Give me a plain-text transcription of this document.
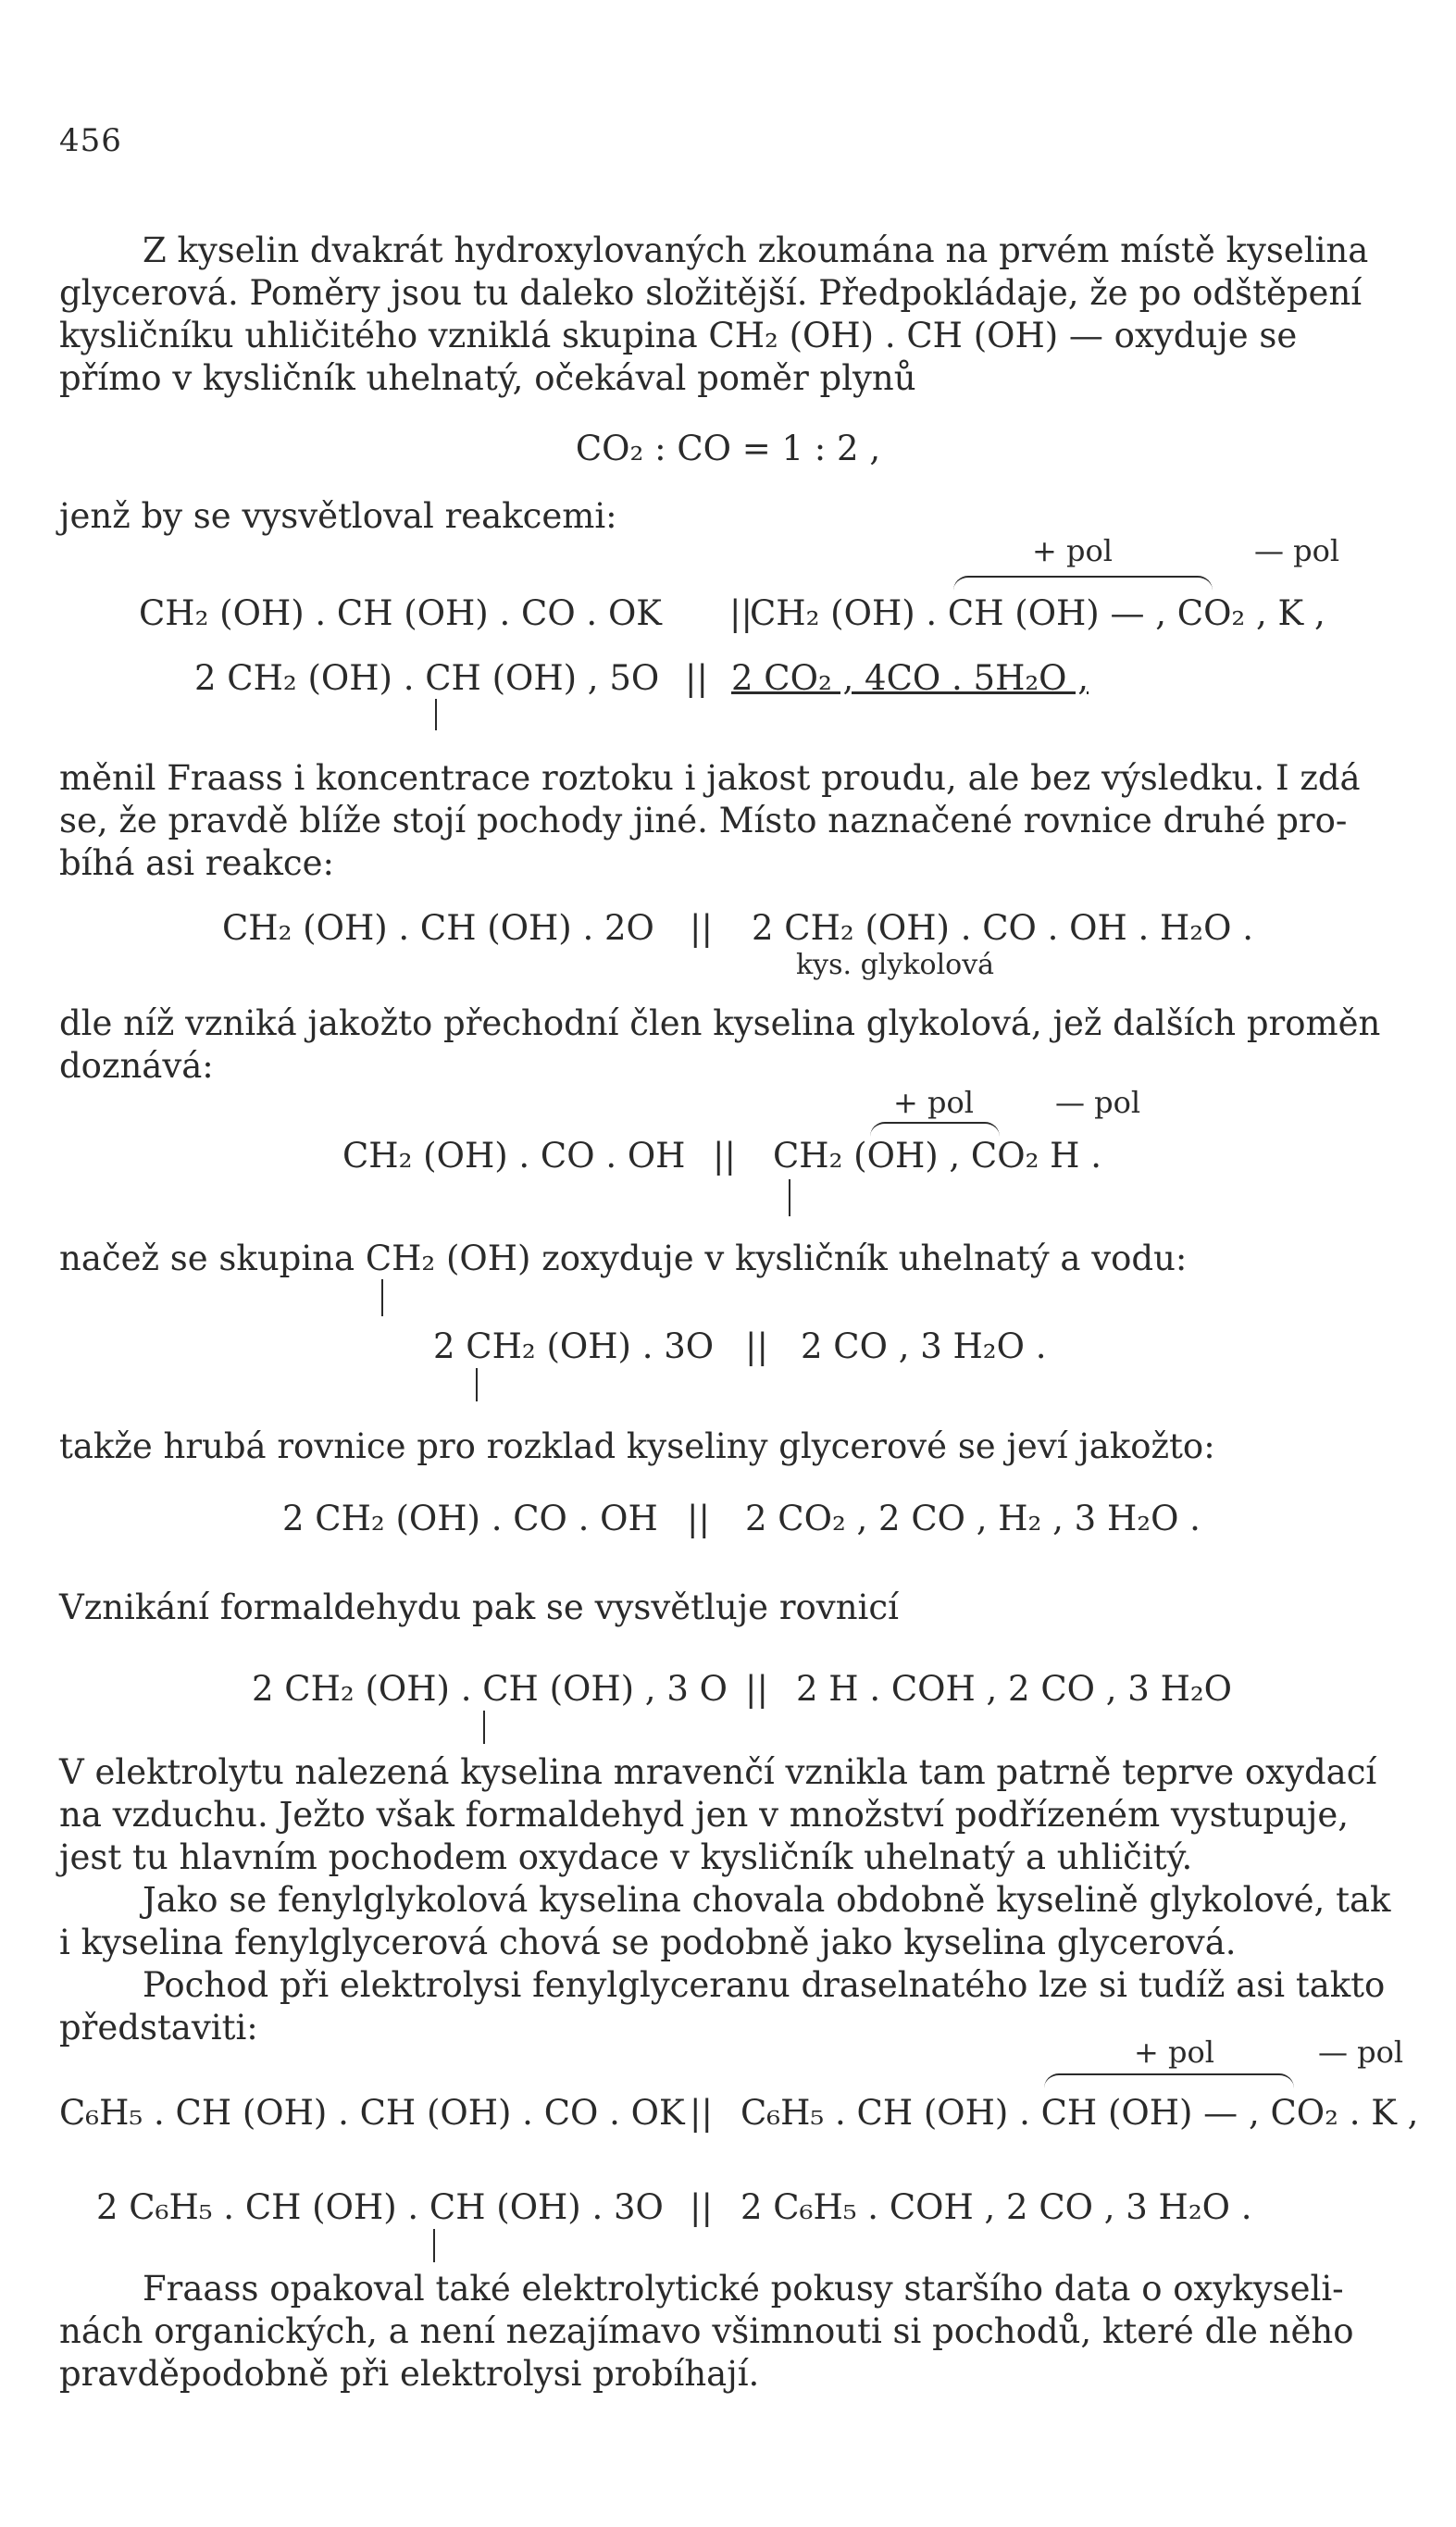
456
Z kyselin dvakrát hydroxylovaných zkoumána na prvém místě kyselina
glycerová. Poměry jsou tu daleko složitější. Předpokládaje, že po odštěpení
kysličníku uhličitého vzniklá skupina CH₂ (OH) . CH (OH) — oxyduje se
přímo v kysličník uhelnatý, očekával poměr plynů
CO₂ : CO = 1 : 2 ,
jenž by se vysvětloval reakcemi:
+ pol	— pol
CH₂ (OH) . CH (OH) . CO . OK ||
CH₂ (OH) . CH (OH) — , CO₂ , K ,
2 CH₂ (OH) . CH (OH) , 5O || 2 CO₂ , 4CO . 5H₂O ,
měnil Fraass i koncentrace roztoku i jakost proudu, ale bez výsledku. I zdá
se, že pravdě blíže stojí pochody jiné. Místo naznačené rovnice druhé pro-
bíhá asi reakce:
CH₂ (OH) . CH (OH) . 2O || 2 CH₂ (OH) . CO . OH . H₂O .
kys. glykolová
dle níž vzniká jakožto přechodní člen kyselina glykolová, jež dalších proměn
doznává:
+ pol	— pol
CH₂ (OH) . CO . OH || CH₂ (OH) , CO₂ H .
načež se skupina CH₂ (OH) zoxyduje v kysličník uhelnatý a vodu:
2 CH₂ (OH) . 3O || 2 CO , 3 H₂O .
takže hrubá rovnice pro rozklad kyseliny glycerové se jeví jakožto:
2 CH₂ (OH) . CO . OH || 2 CO₂ , 2 CO , H₂ , 3 H₂O .
Vznikání formaldehydu pak se vysvětluje rovnicí
2 CH₂ (OH) . CH (OH) , 3 O || 2 H . COH , 2 CO , 3 H₂O
V elektrolytu nalezená kyselina mravenčí vznikla tam patrně teprve oxydací
na vzduchu. Ježto však formaldehyd jen v množství podřízeném vystupuje,
jest tu hlavním pochodem oxydace v kysličník uhelnatý a uhličitý.
Jako se fenylglykolová kyselina chovala obdobně kyselině glykolové, tak
i kyselina fenylglycerová chová se podobně jako kyselina glycerová.
Pochod při elektrolysi fenylglyceranu draselnatého lze si tudíž asi takto
představiti:
+ pol	— pol
C₆H₅ . CH (OH) . CH (OH) . CO . OK || C₆H₅ . CH (OH) . CH (OH) — , CO₂ . K ,
2 C₆H₅ . CH (OH) . CH (OH) . 3O || 2 C₆H₅ . COH , 2 CO , 3 H₂O .
Fraass opakoval také elektrolytické pokusy staršího data o oxykyseli-
nách organických, a není nezajímavo všimnouti si pochodů, které dle něho
pravděpodobně při elektrolysi probíhají.
